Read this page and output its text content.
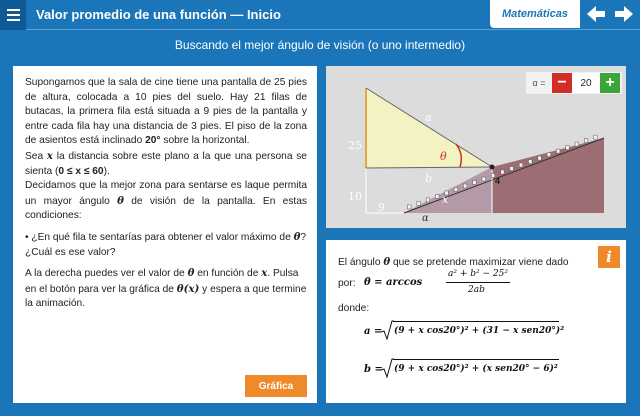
Valor promedio de una función — Inicio	Matemáticas
Buscando el mejor ángulo de visión (o uno intermedio)

Supongamos que la sala de cine tiene una pantalla de 25 pies de altura, colocada a 10 pies del suelo. Hay 21 filas de butacas, la primera fila está situada a 9 pies de la pantalla y entre cada fila hay una distancia de 3 pies. El piso de la zona de asientos está inclinado 20° sobre la horizontal.

Sea x la distancia sobre este plano a la que una persona se sienta (0 ≤ x ≤ 60).

Decidamos que la mejor zona para sentarse es laque permita un mayor ángulo θ de visión de la pantalla. En estas condiciones:

• ¿En qué fila te sentarías para obtener el valor máximo de θ? ¿Cuál es ese valor?

A la derecha puedes ver el valor de θ en función de x. Pulsa en el botón para ver la gráfica de θ(x) y espera a que termine la animación.

Gráfica
25
10
9
a
b
x
θ
α
4
α = −	20 +
i
El ángulo θ que se pretende maximizar viene dado
por: θ = arccos
a² + b² − 25²
2ab
donde:
a = (9 + x cos20°)² + (31 − x sen20°)²
b = (9 + x cos20°)² + (x sen20° − 6)²
